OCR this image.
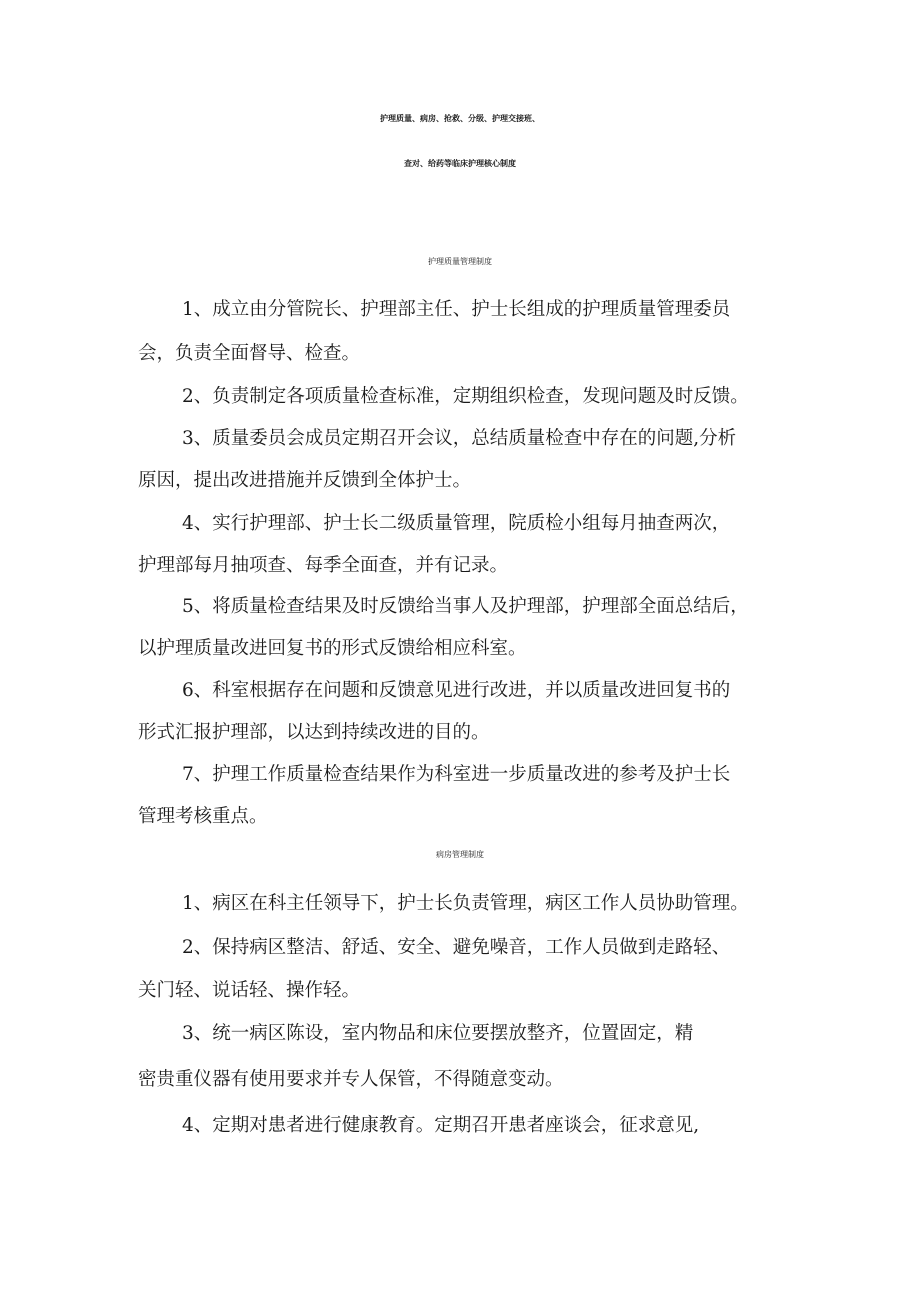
护理质量、病房、抢救、分级、护理交接班、
查对、给药等临床护理核心制度
护理质量管理制度
1、成立由分管院长、护理部主任、护士长组成的护理质量管理委员
会，负责全面督导、检查。
2、负责制定各项质量检查标准，定期组织检查，发现问题及时反馈。
3、质量委员会成员定期召开会议，总结质量检查中存在的问题,分析
原因，提出改进措施并反馈到全体护士。
4、实行护理部、护士长二级质量管理，院质检小组每月抽查两次，
护理部每月抽项查、每季全面查，并有记录。
5、将质量检查结果及时反馈给当事人及护理部，护理部全面总结后，
以护理质量改进回复书的形式反馈给相应科室。
6、科室根据存在问题和反馈意见进行改进，并以质量改进回复书的
形式汇报护理部，以达到持续改进的目的。
7、护理工作质量检查结果作为科室进一步质量改进的参考及护士长
管理考核重点。
病房管理制度
1、病区在科主任领导下，护士长负责管理，病区工作人员协助管理。
2、保持病区整洁、舒适、安全、避免噪音，工作人员做到走路轻、
关门轻、说话轻、操作轻。
3、统一病区陈设，室内物品和床位要摆放整齐，位置固定，精
密贵重仪器有使用要求并专人保管，不得随意变动。
4、定期对患者进行健康教育。定期召开患者座谈会，征求意见,
